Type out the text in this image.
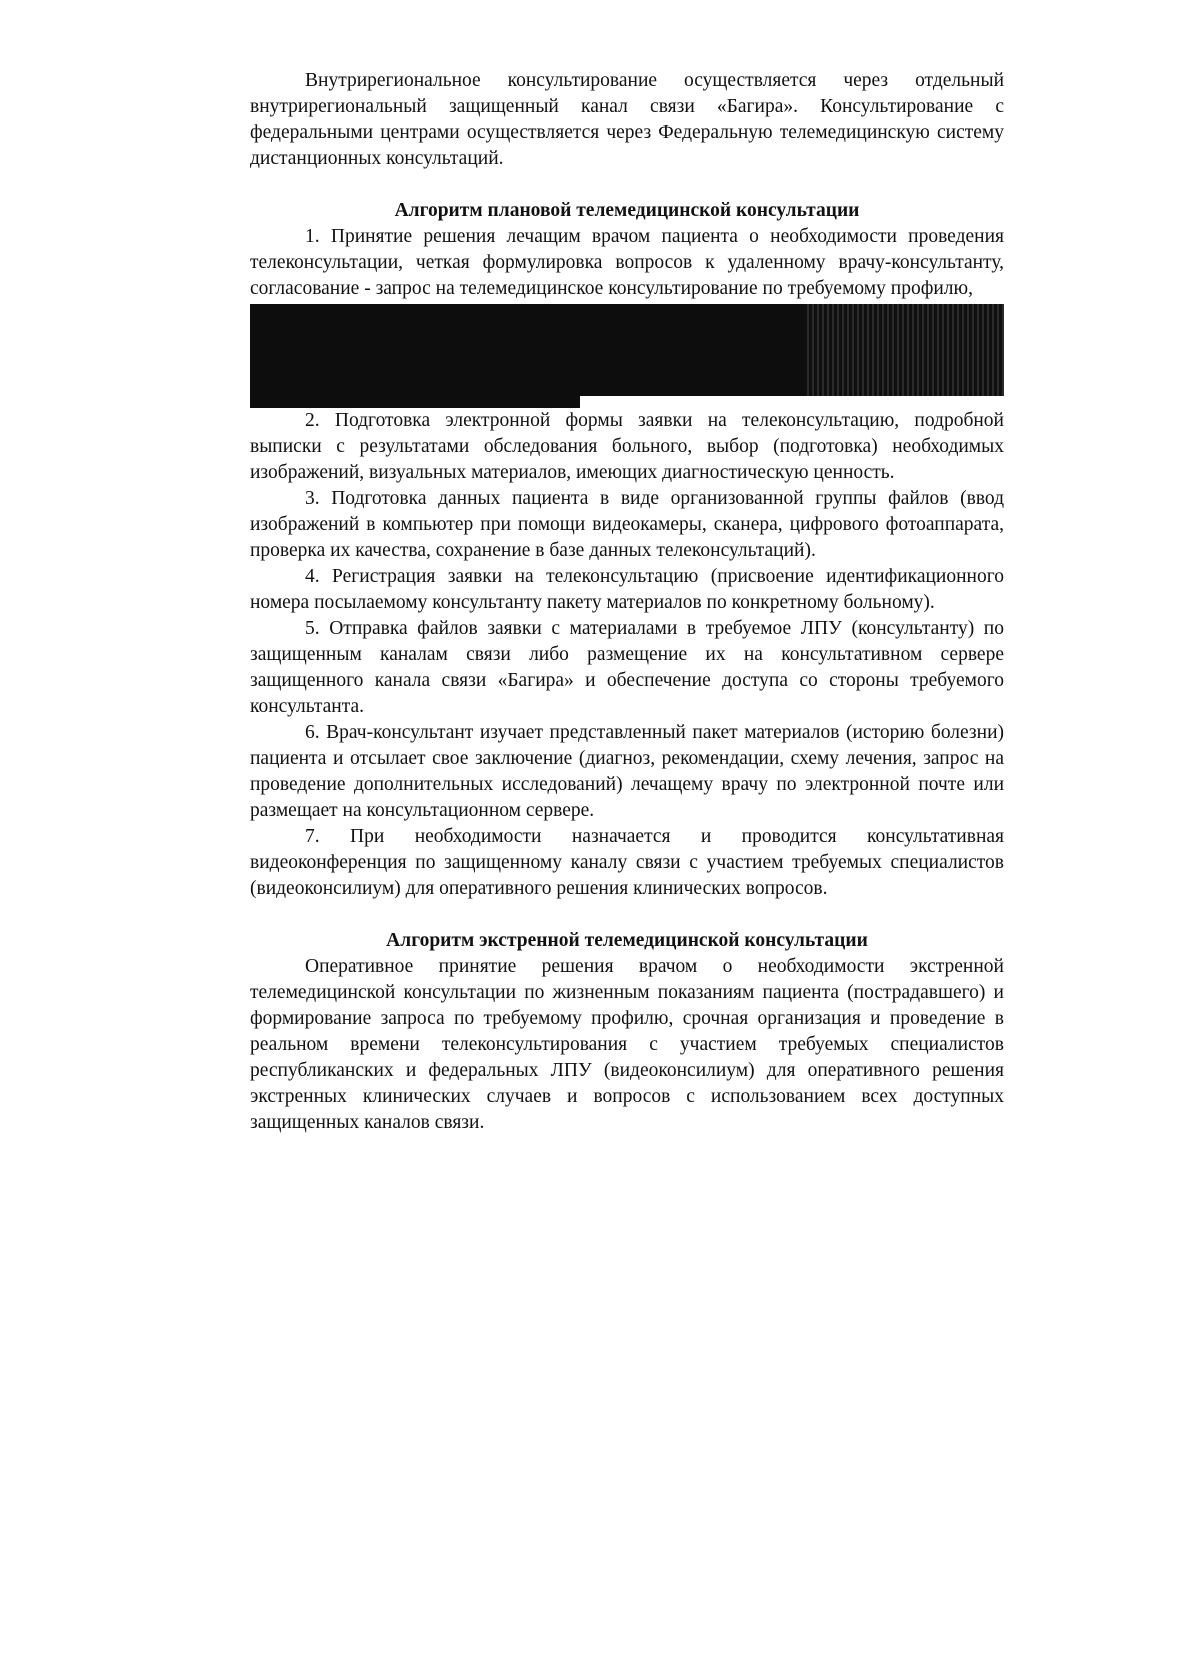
Внутрирегиональное консультирование осуществляется через отдельный внутрирегиональный защищенный канал связи «Багира». Консультирование с федеральными центрами осуществляется через Федеральную телемедицинскую систему дистанционных консультаций.

Алгоритм плановой телемедицинской консультации

1. Принятие решения лечащим врачом пациента о необходимости проведения телеконсультации, четкая формулировка вопросов к удаленному врачу-консультанту, согласование - запрос на телемедицинское консультирование по требуемому профилю,

2. Подготовка электронной формы заявки на телеконсультацию, подробной выписки с результатами обследования больного, выбор (подготовка) необходимых изображений, визуальных материалов, имеющих диагностическую ценность.

3. Подготовка данных пациента в виде организованной группы файлов (ввод изображений в компьютер при помощи видеокамеры, сканера, цифрового фотоаппарата, проверка их качества, сохранение в базе данных телеконсультаций).

4. Регистрация заявки на телеконсультацию (присвоение идентификационного номера посылаемому консультанту пакету материалов по конкретному больному).

5. Отправка файлов заявки с материалами в требуемое ЛПУ (консультанту) по защищенным каналам связи либо размещение их на консультативном сервере защищенного канала связи «Багира» и обеспечение доступа со стороны требуемого консультанта.

6. Врач-консультант изучает представленный пакет материалов (историю болезни) пациента и отсылает свое заключение (диагноз, рекомендации, схему лечения, запрос на проведение дополнительных исследований) лечащему врачу по электронной почте или размещает на консультационном сервере.

7. При необходимости назначается и проводится консультативная видеоконференция по защищенному каналу связи с участием требуемых специалистов (видеоконсилиум) для оперативного решения клинических вопросов.

Алгоритм экстренной телемедицинской консультации

Оперативное принятие решения врачом о необходимости экстренной телемедицинской консультации по жизненным показаниям пациента (пострадавшего) и формирование запроса по требуемому профилю, срочная организация и проведение в реальном времени телеконсультирования с участием требуемых специалистов республиканских и федеральных ЛПУ (видеоконсилиум) для оперативного решения экстренных клинических случаев и вопросов с использованием всех доступных защищенных каналов связи.
